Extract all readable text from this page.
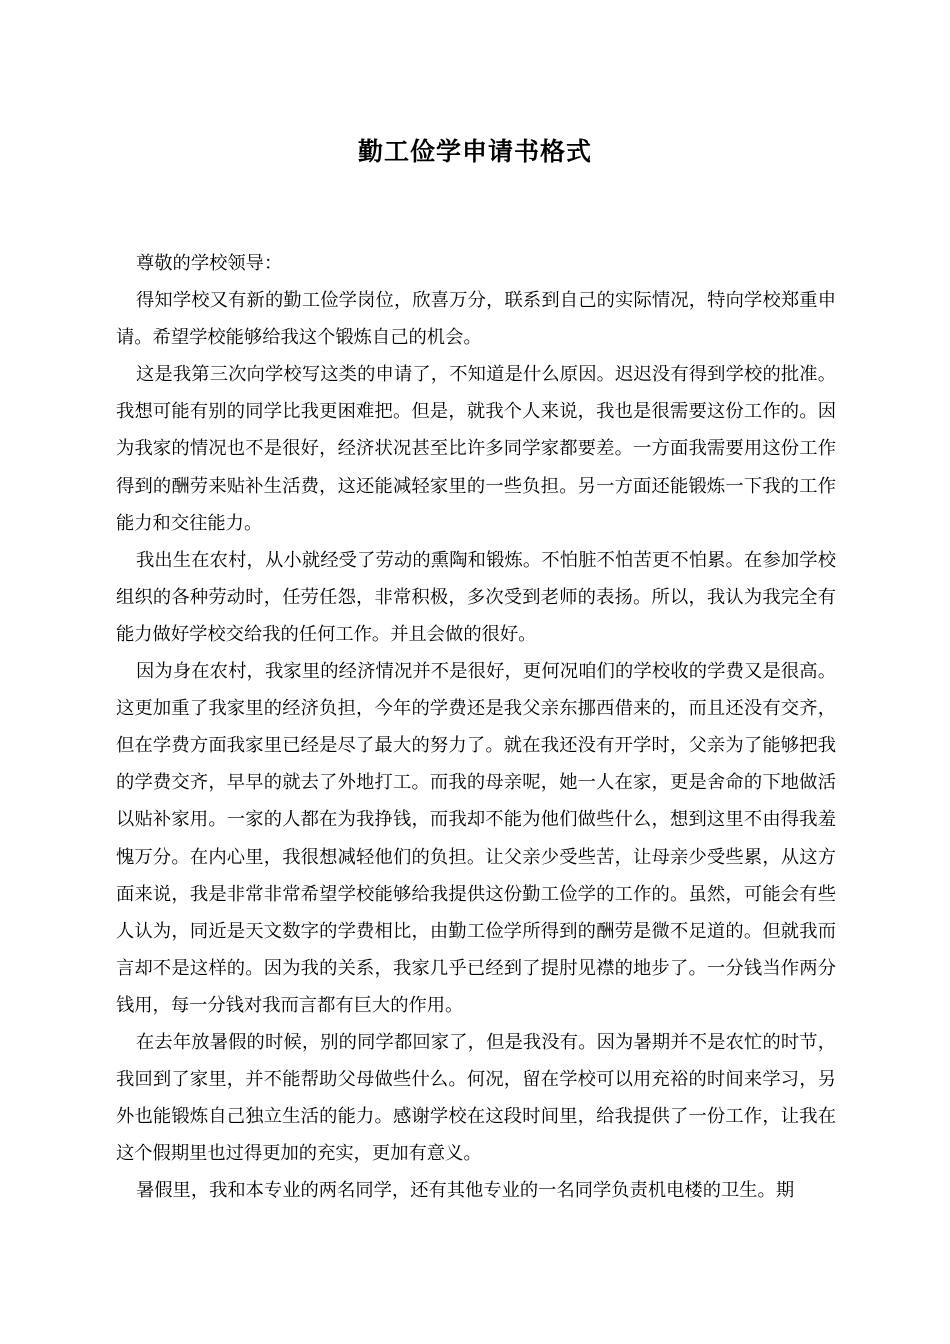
勤工俭学申请书格式

尊敬的学校领导：

得知学校又有新的勤工俭学岗位，欣喜万分，联系到自己的实际情况，特向学校郑重申请。希望学校能够给我这个锻炼自己的机会。

这是我第三次向学校写这类的申请了，不知道是什么原因。迟迟没有得到学校的批准。我想可能有别的同学比我更困难把。但是，就我个人来说，我也是很需要这份工作的。因为我家的情况也不是很好，经济状况甚至比许多同学家都要差。一方面我需要用这份工作得到的酬劳来贴补生活费，这还能减轻家里的一些负担。另一方面还能锻炼一下我的工作能力和交往能力。

我出生在农村，从小就经受了劳动的熏陶和锻炼。不怕脏不怕苦更不怕累。在参加学校组织的各种劳动时，任劳任怨，非常积极，多次受到老师的表扬。所以，我认为我完全有能力做好学校交给我的任何工作。并且会做的很好。

因为身在农村，我家里的经济情况并不是很好，更何况咱们的学校收的学费又是很高。这更加重了我家里的经济负担，今年的学费还是我父亲东挪西借来的，而且还没有交齐，但在学费方面我家里已经是尽了最大的努力了。就在我还没有开学时，父亲为了能够把我的学费交齐，早早的就去了外地打工。而我的母亲呢，她一人在家，更是舍命的下地做活以贴补家用。一家的人都在为我挣钱，而我却不能为他们做些什么，想到这里不由得我羞愧万分。在内心里，我很想减轻他们的负担。让父亲少受些苦，让母亲少受些累，从这方面来说，我是非常非常希望学校能够给我提供这份勤工俭学的工作的。虽然，可能会有些人认为，同近是天文数字的学费相比，由勤工俭学所得到的酬劳是微不足道的。但就我而言却不是这样的。因为我的关系，我家几乎已经到了提肘见襟的地步了。一分钱当作两分钱用，每一分钱对我而言都有巨大的作用。

在去年放暑假的时候，别的同学都回家了，但是我没有。因为暑期并不是农忙的时节，我回到了家里，并不能帮助父母做些什么。何况，留在学校可以用充裕的时间来学习，另外也能锻炼自己独立生活的能力。感谢学校在这段时间里，给我提供了一份工作，让我在这个假期里也过得更加的充实，更加有意义。

暑假里，我和本专业的两名同学，还有其他专业的一名同学负责机电楼的卫生。期
